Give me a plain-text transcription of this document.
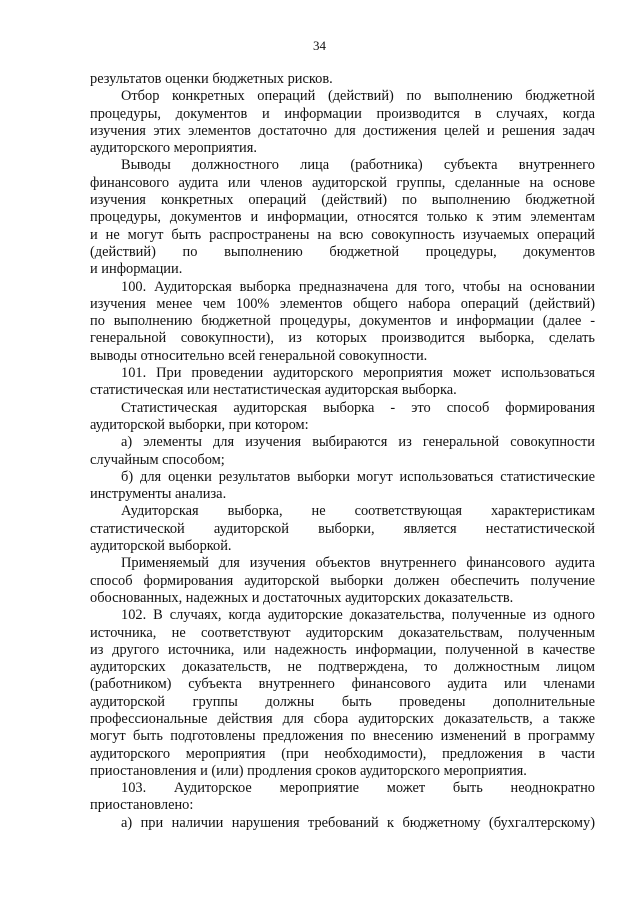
34
результатов оценки бюджетных рисков.
Отбор конкретных операций (действий) по выполнению бюджетной
процедуры, документов и информации производится в случаях, когда
изучения этих элементов достаточно для достижения целей и решения задач
аудиторского мероприятия.
Выводы должностного лица (работника) субъекта внутреннего
финансового аудита или членов аудиторской группы, сделанные на основе
изучения конкретных операций (действий) по выполнению бюджетной
процедуры, документов и информации, относятся только к этим элементам
и не могут быть распространены на всю совокупность изучаемых операций
(действий) по выполнению бюджетной процедуры, документов
и информации.
100. Аудиторская выборка предназначена для того, чтобы на основании
изучения менее чем 100% элементов общего набора операций (действий)
по выполнению бюджетной процедуры, документов и информации (далее -
генеральной совокупности), из которых производится выборка, сделать
выводы относительно всей генеральной совокупности.
101. При проведении аудиторского мероприятия может использоваться
статистическая или нестатистическая аудиторская выборка.
Статистическая аудиторская выборка - это способ формирования
аудиторской выборки, при котором:
а) элементы для изучения выбираются из генеральной совокупности
случайным способом;
б) для оценки результатов выборки могут использоваться статистические
инструменты анализа.
Аудиторская выборка, не соответствующая характеристикам
статистической аудиторской выборки, является нестатистической
аудиторской выборкой.
Применяемый для изучения объектов внутреннего финансового аудита
способ формирования аудиторской выборки должен обеспечить получение
обоснованных, надежных и достаточных аудиторских доказательств.
102. В случаях, когда аудиторские доказательства, полученные из одного
источника, не соответствуют аудиторским доказательствам, полученным
из другого источника, или надежность информации, полученной в качестве
аудиторских доказательств, не подтверждена, то должностным лицом
(работником) субъекта внутреннего финансового аудита или членами
аудиторской группы должны быть проведены дополнительные
профессиональные действия для сбора аудиторских доказательств, а также
могут быть подготовлены предложения по внесению изменений в программу
аудиторского мероприятия (при необходимости), предложения в части
приостановления и (или) продления сроков аудиторского мероприятия.
103. Аудиторское мероприятие может быть неоднократно
приостановлено:
а) при наличии нарушения требований к бюджетному (бухгалтерскому)
